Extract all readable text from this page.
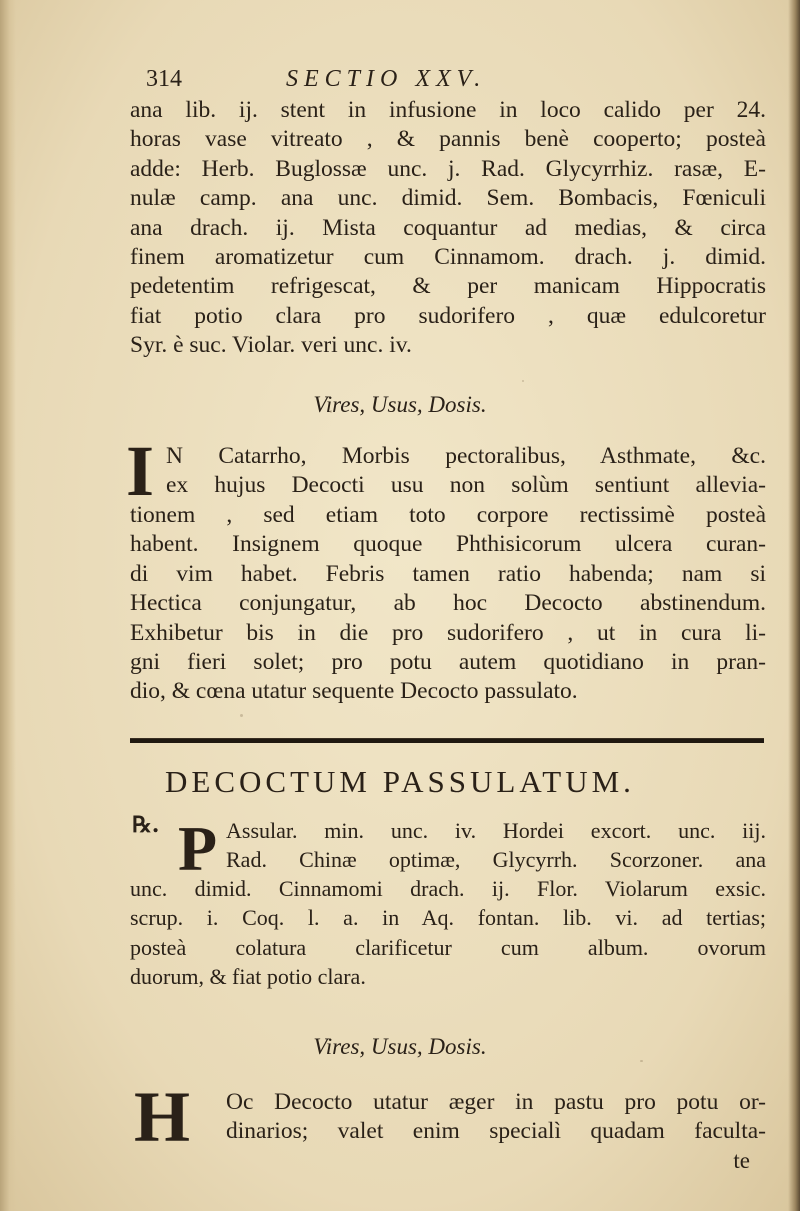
314	SECTIO XXV.
ana lib. ij. stent in infusione in loco calido per 24.
horas vase vitreato , & pannis benè cooperto; posteà
adde: Herb. Buglossæ unc. j. Rad. Glycyrrhiz. rasæ, E-
nulæ camp. ana unc. dimid. Sem. Bombacis, Fœniculi
ana drach. ij. Mista coquantur ad medias, & circa
finem aromatizetur cum Cinnamom. drach. j. dimid.
pedetentim refrigescat, & per manicam Hippocratis
fiat potio clara pro sudorifero , quæ edulcoretur
Syr. è suc. Violar. veri unc. iv.
Vires, Usus, Dosis.
I N Catarrho, Morbis pectoralibus, Asthmate, &c.
ex hujus Decocti usu non solùm sentiunt allevia-
tionem , sed etiam toto corpore rectissimè posteà
habent. Insignem quoque Phthisicorum ulcera curan-
di vim habet. Febris tamen ratio habenda; nam si
Hectica conjungatur, ab hoc Decocto abstinendum.
Exhibetur bis in die pro sudorifero , ut in cura li-
gni fieri solet; pro potu autem quotidiano in pran-
dio, & cœna utatur sequente Decocto passulato.
DECOCTUM PASSULATUM.
℞. P Assular. min. unc. iv. Hordei excort. unc. iij.
Rad. Chinæ optimæ, Glycyrrh. Scorzoner. ana
unc. dimid. Cinnamomi drach. ij. Flor. Violarum exsic.
scrup. i. Coq. l. a. in Aq. fontan. lib. vi. ad tertias;
posteà colatura clarificetur cum album. ovorum
duorum, & fiat potio clara.
Vires, Usus, Dosis.
H Oc Decocto utatur æger in pastu pro potu or-
dinarios; valet enim specialì quadam faculta-
te
